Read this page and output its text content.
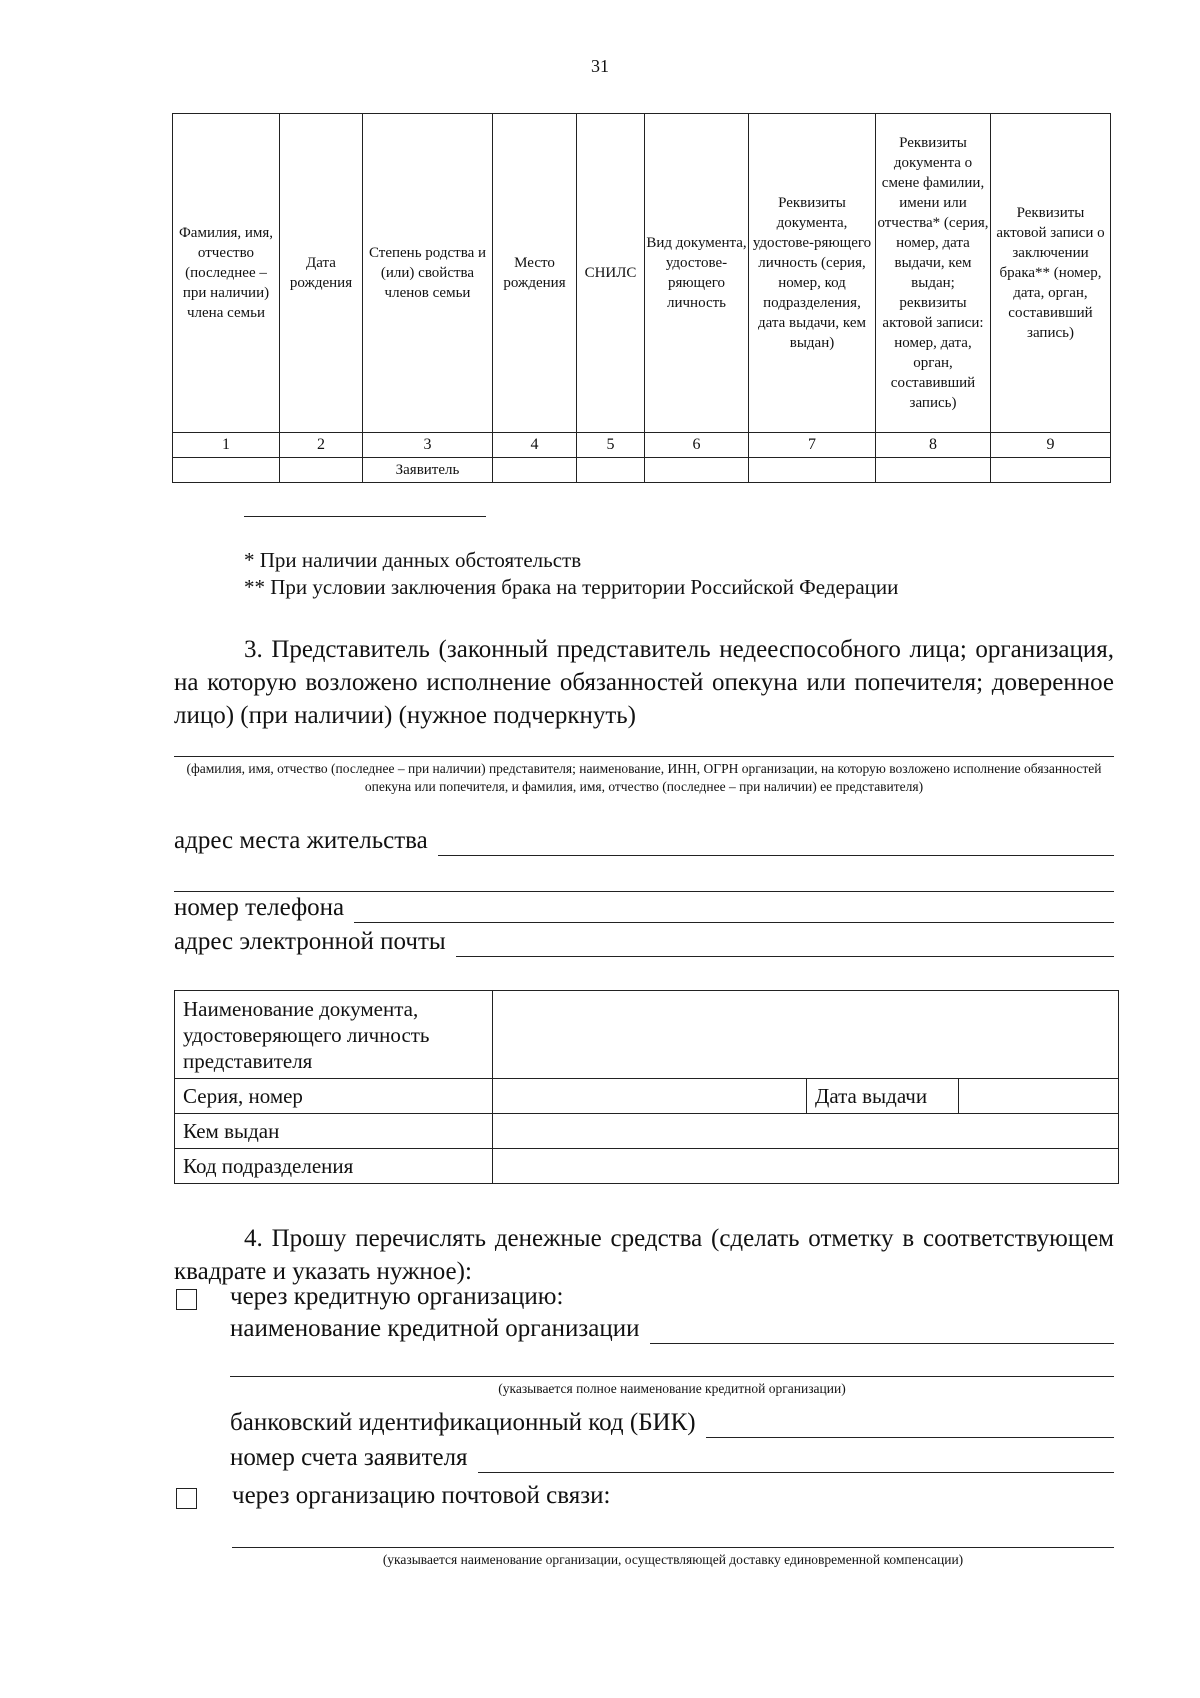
31
Фамилия, имя, отчество (последнее – при наличии) члена семьи	Дата рождения	Степень родства и (или) свойства членов семьи	Место рождения	СНИЛС	Вид документа, удостове-ряющего личность	Реквизиты документа, удостове-ряющего личность (серия, номер, код подразделения, дата выдачи, кем выдан)	Реквизиты документа о смене фамилии, имени или отчества* (серия, номер, дата выдачи, кем выдан; реквизиты актовой записи: номер, дата, орган, составивший запись)	Реквизиты актовой записи о заключении брака** (номер, дата, орган, составивший запись)
1	2	3	4	5	6	7	8	9
		Заявитель						
* При наличии данных обстоятельств
** При условии заключения брака на территории Российской Федерации
3. Представитель (законный представитель недееспособного лица; организация, на которую возложено исполнение обязанностей опекуна или попечителя; доверенное лицо) (при наличии) (нужное подчеркнуть)
(фамилия, имя, отчество (последнее – при наличии) представителя; наименование, ИНН, ОГРН организации, на которую возложено исполнение обязанностей опекуна или попечителя, и фамилия, имя, отчество (последнее – при наличии) ее представителя)
адрес места жительства
номер телефона
адрес электронной почты
Наименование документа, удостоверяющего личность представителя			
Серия, номер		Дата выдачи	
Кем выдан			
Код подразделения			
4. Прошу перечислять денежные средства (сделать отметку в соответствующем квадрате и указать нужное):
через кредитную организацию:
наименование кредитной организации
(указывается полное наименование кредитной организации)
банковский идентификационный код (БИК)
номер счета заявителя
через организацию почтовой связи:
(указывается наименование организации, осуществляющей доставку единовременной компенсации)
